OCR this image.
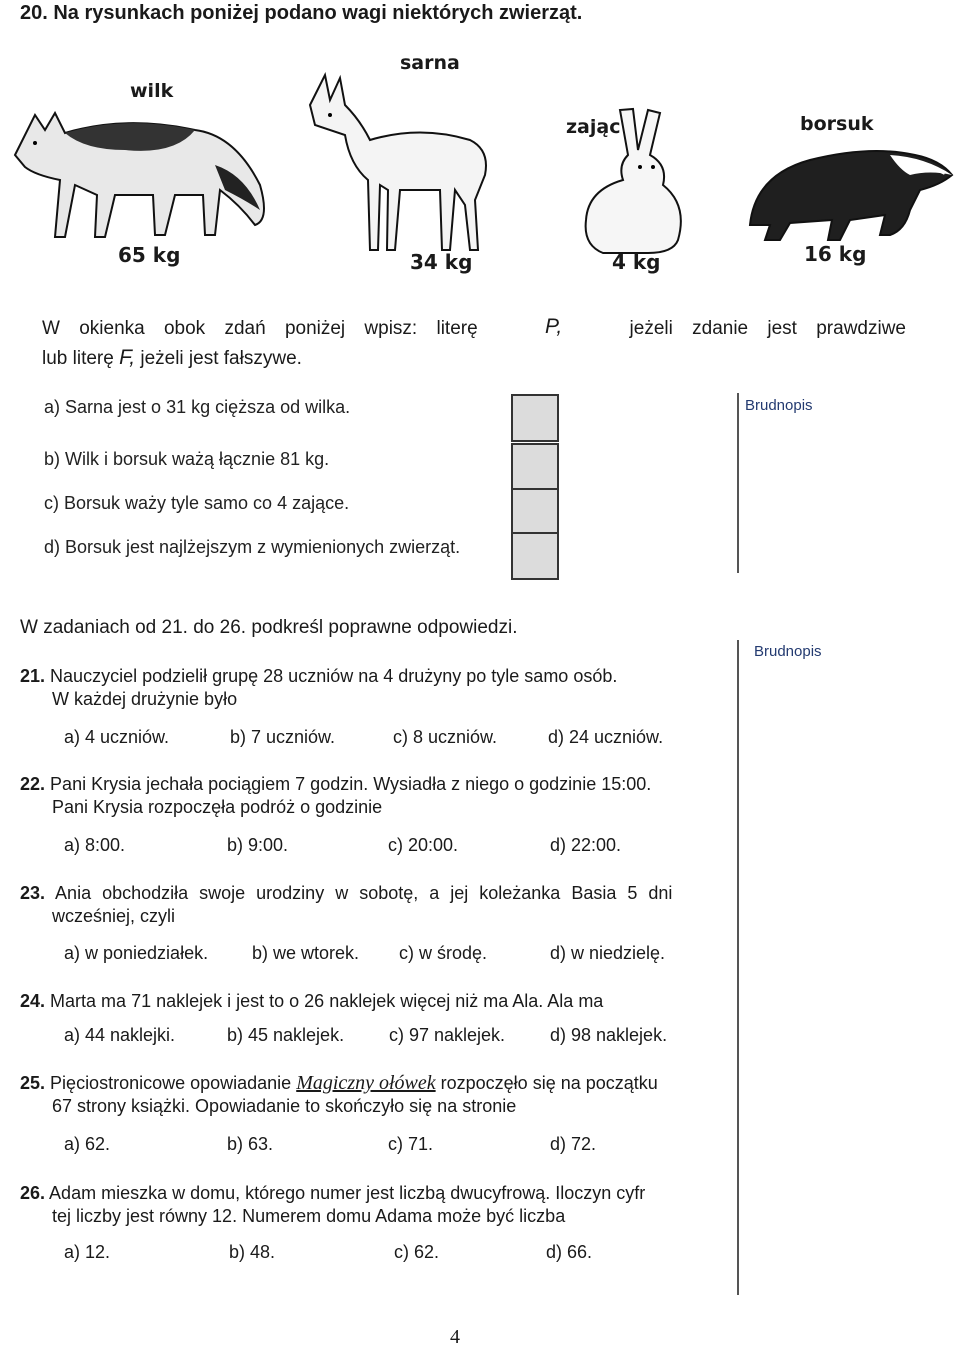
20. Na rysunkach poniżej podano wagi niektórych zwierząt.
wilk
65 kg
sarna
34 kg
zając
4 kg
borsuk
16 kg
W okienka obok zdań poniżej wpisz: literę	P,	jeżeli zdanie jest prawdziwe
lub literę F, jeżeli jest fałszywe.
a) Sarna jest o 31 kg cięższa od wilka.
b) Wilk i borsuk ważą łącznie 81 kg.
c) Borsuk waży tyle samo co 4 zające.
d) Borsuk jest najlżejszym z wymienionych zwierząt.
Brudnopis
W zadaniach od 21. do 26. podkreśl poprawne odpowiedzi.
Brudnopis
21. Nauczyciel podzielił grupę 28 uczniów na 4 drużyny po tyle samo osób.
W każdej drużynie było
a) 4 uczniów.	b) 7 uczniów.	c) 8 uczniów.	d) 24 uczniów.
22. Pani Krysia jechała pociągiem 7 godzin. Wysiadła z niego o godzinie 15:00.
Pani Krysia rozpoczęła podróż o godzinie
a) 8:00.	b) 9:00.	c) 20:00.	d) 22:00.
23. Ania obchodziła swoje urodziny w sobotę, a jej koleżanka Basia 5 dni
wcześniej, czyli
a) w poniedziałek. b) we wtorek. c) w środę.	d) w niedzielę.
24. Marta ma 71 naklejek i jest to o 26 naklejek więcej niż ma Ala. Ala ma
a) 44 naklejki.	b) 45 naklejek. c) 97 naklejek. d) 98 naklejek.
25. Pięciostronicowe opowiadanie Magiczny ołówek rozpoczęło się na początku
67 strony książki. Opowiadanie to skończyło się na stronie
a) 62.	b) 63.	c) 71.	d) 72.
26. Adam mieszka w domu, którego numer jest liczbą dwucyfrową. Iloczyn cyfr
tej liczby jest równy 12. Numerem domu Adama może być liczba
a) 12.	b) 48.	c) 62.	d) 66.
4
